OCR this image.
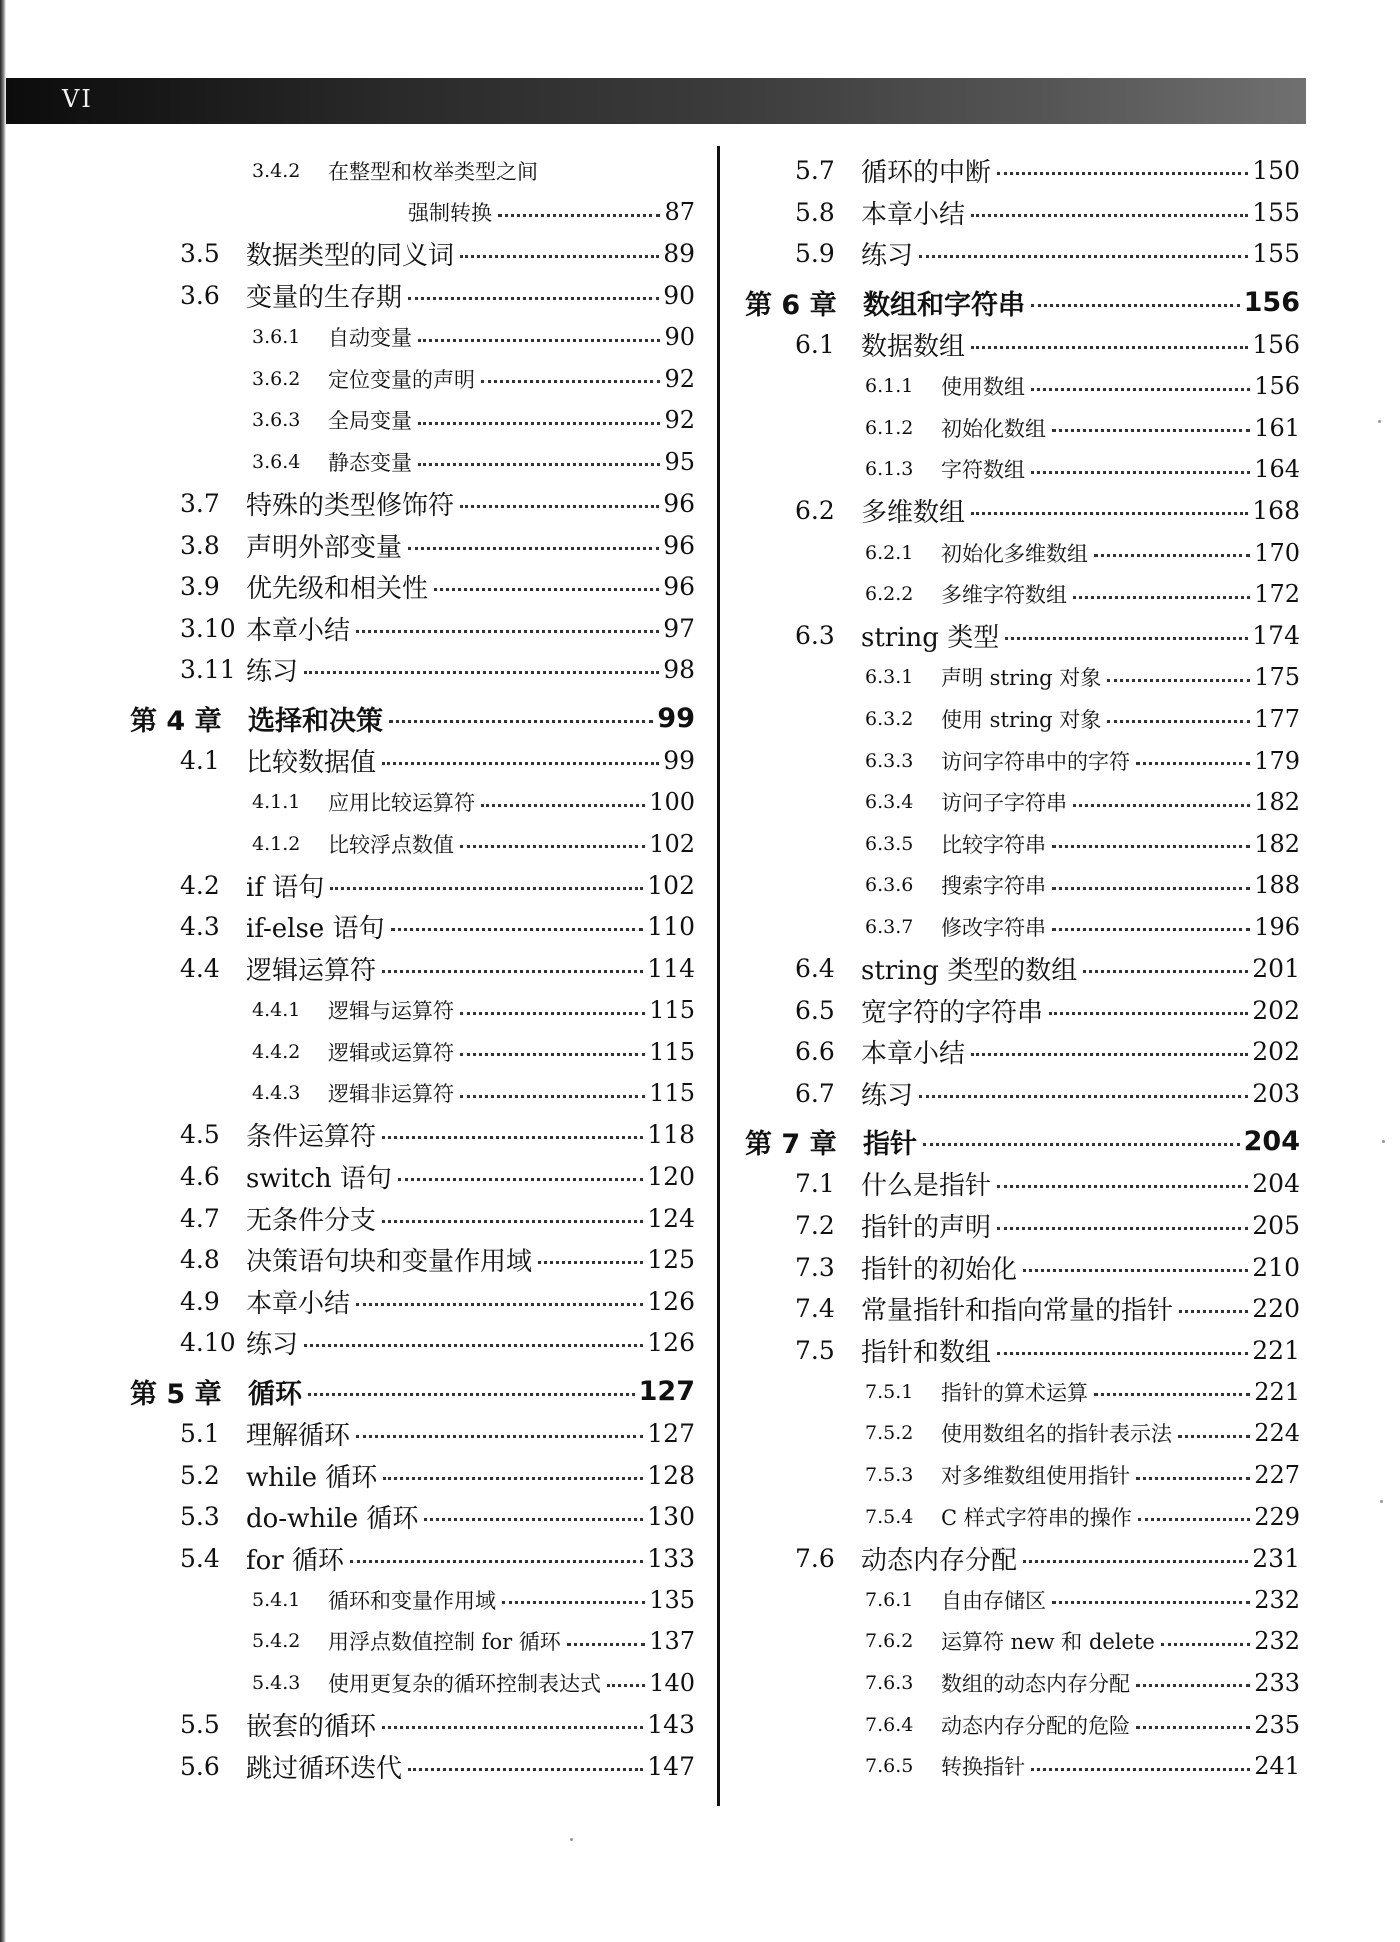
VI
3.4.2	在整型和枚举类型之间
强制转换	87
3.5	数据类型的同义词	89
3.6	变量的生存期	90
3.6.1	自动变量	90
3.6.2	定位变量的声明	92
3.6.3	全局变量	92
3.6.4	静态变量	95
3.7	特殊的类型修饰符	96
3.8	声明外部变量	96
3.9	优先级和相关性	96
3.10 本章小结	97
3.11 练习	98
第 4 章 选择和决策	99
4.1	比较数据值	99
4.1.1	应用比较运算符	100
4.1.2	比较浮点数值	102
4.2	if 语句	102
4.3	if-else 语句	110
4.4	逻辑运算符	114
4.4.1	逻辑与运算符	115
4.4.2	逻辑或运算符	115
4.4.3	逻辑非运算符	115
4.5	条件运算符	118
4.6	switch 语句	120
4.7	无条件分支	124
4.8	决策语句块和变量作用域	125
4.9	本章小结	126
4.10 练习	126
第 5 章 循环	127
5.1	理解循环	127
5.2	while 循环	128
5.3	do-while 循环	130
5.4	for 循环	133
5.4.1	循环和变量作用域	135
5.4.2	用浮点数值控制 for 循环	137
5.4.3	使用更复杂的循环控制表达式 140
5.5	嵌套的循环	143
5.6	跳过循环迭代	147
5.7	循环的中断	150
5.8	本章小结	155
5.9	练习	155
第 6 章 数组和字符串	156
6.1	数据数组	156
6.1.1	使用数组	156
6.1.2	初始化数组	161
6.1.3	字符数组	164
6.2	多维数组	168
6.2.1	初始化多维数组	170
6.2.2	多维字符数组	172
6.3	string 类型	174
6.3.1	声明 string 对象	175
6.3.2	使用 string 对象	177
6.3.3	访问字符串中的字符	179
6.3.4	访问子字符串	182
6.3.5	比较字符串	182
6.3.6	搜索字符串	188
6.3.7	修改字符串	196
6.4	string 类型的数组	201
6.5	宽字符的字符串	202
6.6	本章小结	202
6.7	练习	203
第 7 章 指针	204
7.1	什么是指针	204
7.2	指针的声明	205
7.3	指针的初始化	210
7.4	常量指针和指向常量的指针	220
7.5	指针和数组	221
7.5.1	指针的算术运算	221
7.5.2	使用数组名的指针表示法	224
7.5.3	对多维数组使用指针	227
7.5.4	C 样式字符串的操作	229
7.6	动态内存分配	231
7.6.1	自由存储区	232
7.6.2	运算符 new 和 delete	232
7.6.3	数组的动态内存分配	233
7.6.4	动态内存分配的危险	235
7.6.5	转换指针	241
